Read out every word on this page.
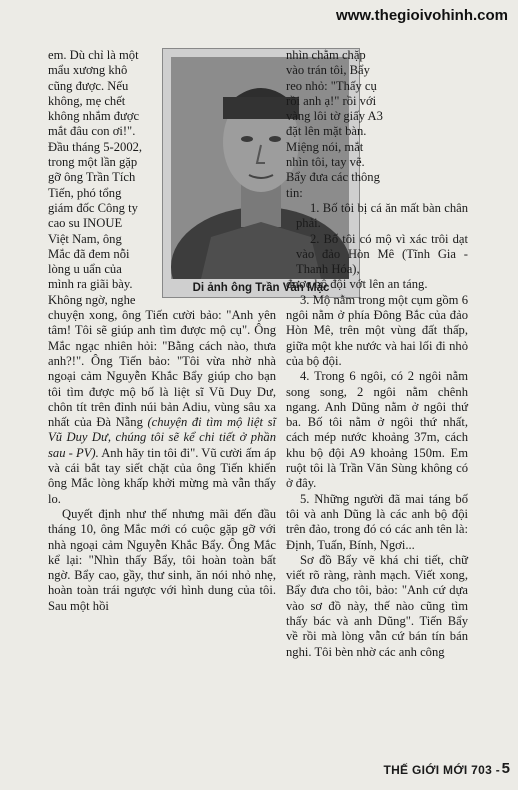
www.thegioivohinh.com
Di ảnh ông Trần Văn Mặc
em. Dù chỉ là một
mẩu xương khô
cũng được. Nếu
không, mẹ chết
không nhắm được
mắt đâu con ơi!".
Đầu tháng 5-2002,
trong một lần gặp
gỡ ông Trần Tích
Tiến, phó tổng
giám đốc Công ty
cao su INOUE
Việt Nam, ông
Mắc đã đem nỗi
lòng u uẩn của
mình ra giãi bày.
Không ngờ, nghe

chuyện xong, ông Tiến cười bảo: "Anh yên tâm! Tôi sẽ giúp anh tìm được mộ cụ". Ông Mắc ngạc nhiên hỏi: "Bằng cách nào, thưa anh?!". Ông Tiến bảo: "Tôi vừa nhờ nhà ngoại cảm Nguyễn Khắc Bẩy giúp cho bạn tôi tìm được mộ bố là liệt sĩ Vũ Duy Dư, chôn tít trên đỉnh núi bản Adiu, vùng sâu xa nhất của Đà Nẵng (chuyện đi tìm mộ liệt sĩ Vũ Duy Dư, chúng tôi sẽ kể chi tiết ở phần sau - PV). Anh hãy tin tôi đi". Vũ cười ấm áp và cái bắt tay siết chặt của ông Tiến khiến ông Mắc lòng khấp khởi mừng mà vẫn thấy lo.

Quyết định như thế nhưng mãi đến đầu tháng 10, ông Mắc mới có cuộc gặp gỡ với nhà ngoại cảm Nguyễn Khắc Bẩy. Ông Mắc kể lại: "Nhìn thấy Bẩy, tôi hoàn toàn bất ngờ. Bẩy cao, gầy, thư sinh, ăn nói nhỏ nhẹ, hoàn toàn trái ngược với hình dung của tôi. Sau một hồi

nhìn chằm chặp
vào trán tôi, Bẩy
reo nhỏ: "Thấy cụ
rồi anh ạ!" rồi với
vàng lôi tờ giấy A3
đặt lên mặt bàn.
Miệng nói, mắt
nhìn tôi, tay vẽ.
Bẩy đưa các thông
tin:

1. Bố tôi bị cá ăn mất bàn chân phải.

2. Bố tôi có mộ vì xác trôi dạt vào đảo Hòn Mê (Tĩnh Gia - Thanh Hóa),

được bộ đội vớt lên an táng.

3. Mộ nằm trong một cụm gồm 6 ngôi nằm ở phía Đông Bắc của đảo Hòn Mê, trên một vùng đất thấp, giữa một khe nước và hai lối đi nhỏ của bộ đội.

4. Trong 6 ngôi, có 2 ngôi nằm song song, 2 ngôi nằm chênh ngang. Anh Dũng nằm ở ngôi thứ ba. Bố tôi nằm ở ngôi thứ nhất, cách mép nước khoảng 37m, cách khu bộ đội A9 khoảng 150m. Em ruột tôi là Trần Văn Sùng không có ở đây.

5. Những người đã mai táng bố tôi và anh Dũng là các anh bộ đội trên đảo, trong đó có các anh tên là: Định, Tuấn, Bính, Ngơi...

Sơ đồ Bẩy vẽ khá chi tiết, chữ viết rõ ràng, rành mạch. Viết xong, Bẩy đưa cho tôi, bảo: "Anh cứ dựa vào sơ đồ này, thế nào cũng tìm thấy bác và anh Dũng". Tiến Bẩy về rồi mà lòng vẫn cứ bán tín bán nghi. Tôi bèn nhờ các anh công

THẾ GIỚI MỚI 703 - 5
